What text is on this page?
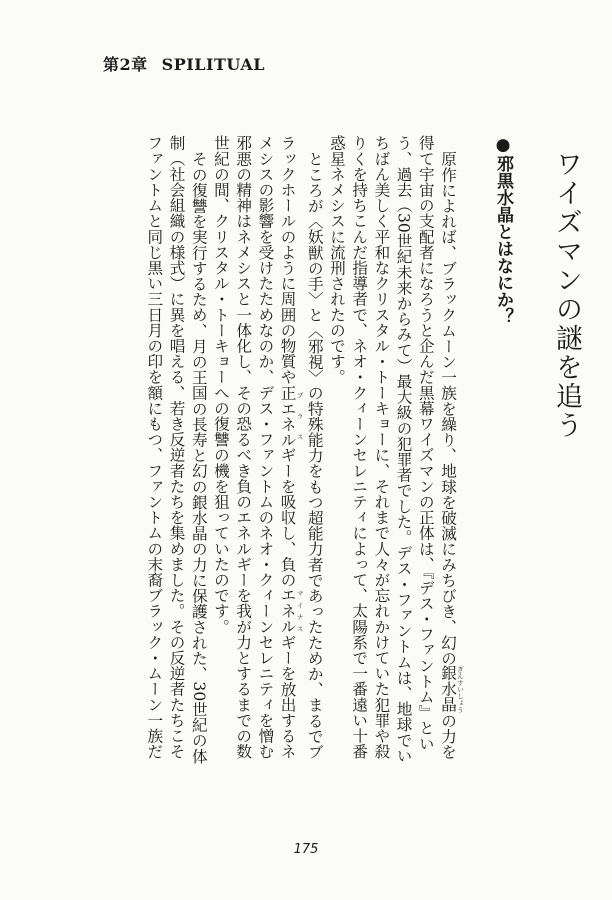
第2章 SPILITUAL
ワイズマンの謎を追う
●邪黒水晶とはなにか？

原作によれば、ブラックムーン一族を繰り、地球を破滅にみちびき、幻の銀水晶 ぎんすいしょうの力を

得て宇宙の支配者になろうと企んだ黒幕ワイズマンの正体は、『デス・ファントム』とい

う、過去（30世紀未来からみて）最大級の犯罪者でした。デス・ファントムは、地球でい

ちばん美しく平和なクリスタル・トーキョーに、それまで人々が忘れかけていた犯罪や殺

りくを持ちこんだ指導者で、ネオ・クィーンセレニティによって、太陽系で一番遠い十番

惑星ネメシスに流刑されたのです。

ところが〈妖獣の手〉と〈邪視〉の特殊能力をもつ超能力者であったためか、まるでブ

ラックホールのように周囲の物質や正エネル プラスギーを吸収し、負のエネル マイナスギーを放出するネ

メシスの影響を受けたためなのか、デス・ファントムのネオ・クィーンセレニティを憎む

邪悪の精神はネメシスと一体化し、その恐るべき負のエネルギーを我が力とするまでの数

世紀の間、クリスタル・トーキョーへの復讐の機を狙っていたのです。

その復讐を実行するため、月の王国の長寿と幻の銀水晶の力に保護された、30世紀の体

制（社会組織の様式）に異を唱える、若き反逆者たちを集めました。その反逆者たちこそ

ファントムと同じ黒い三日月の印を額にもつ、ファントムの末裔ブラック・ムーン一族だ

175
